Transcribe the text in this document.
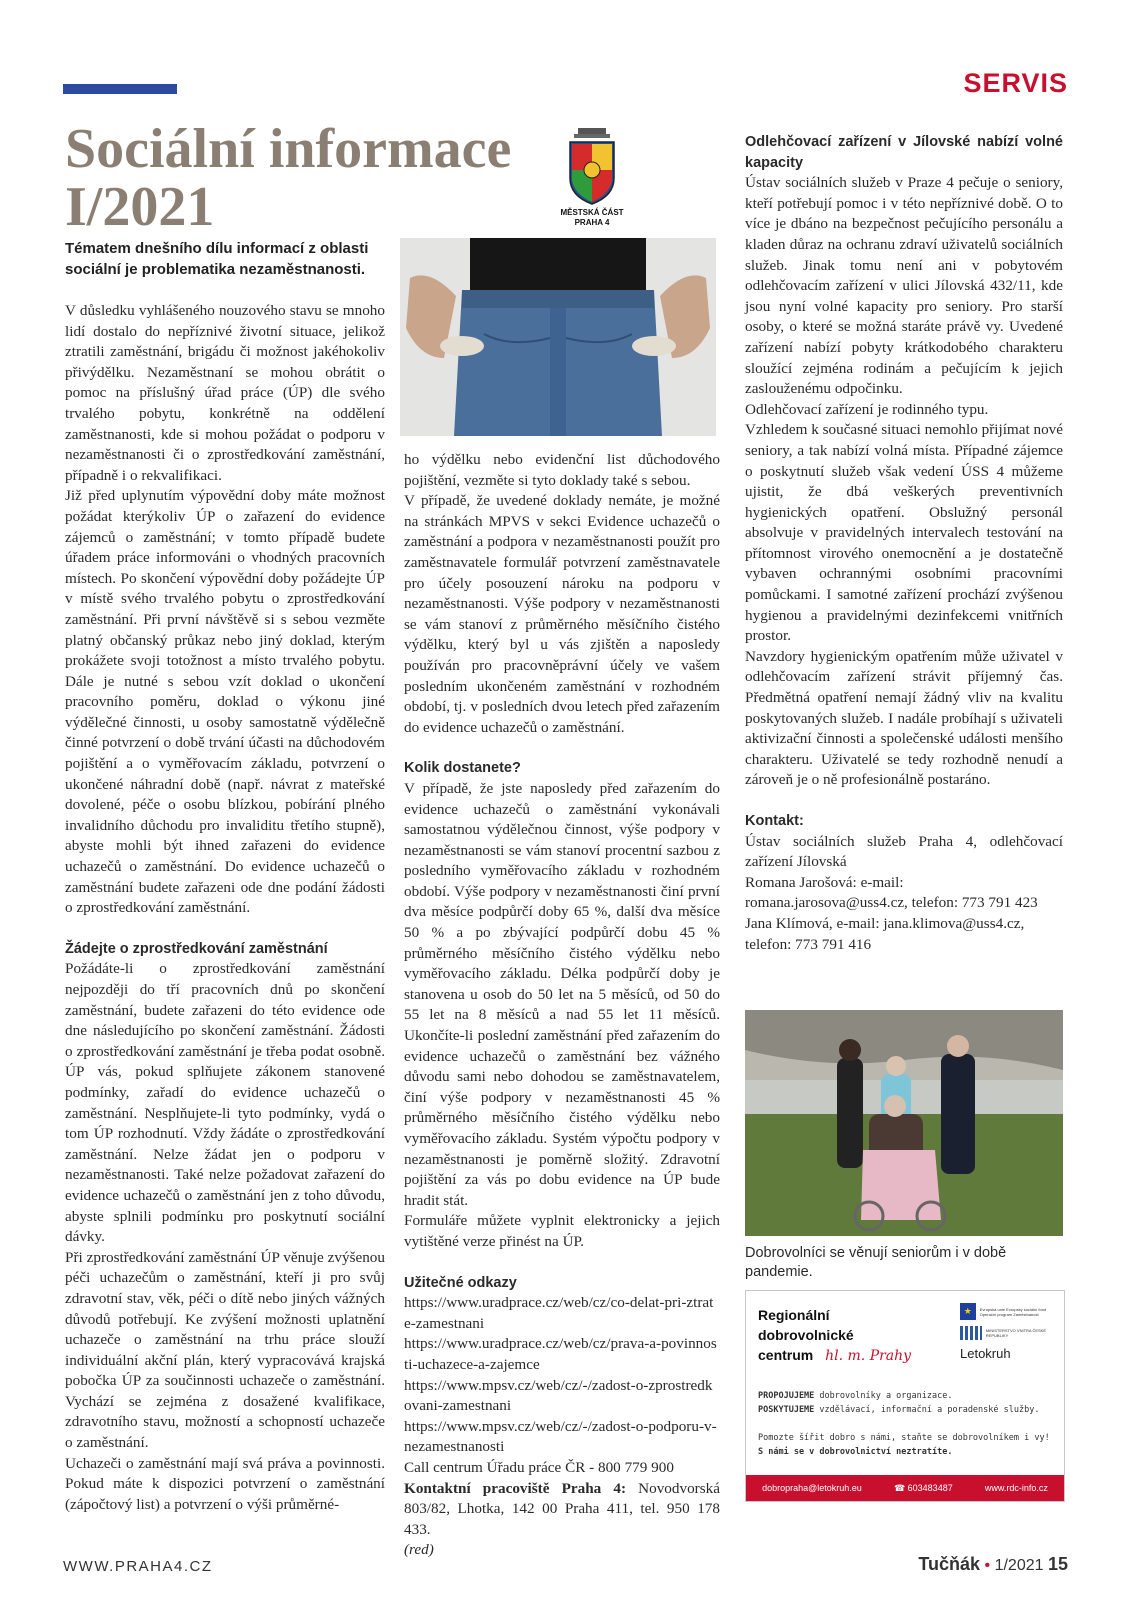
SERVIS
Sociální informace I/2021

Tématem dnešního dílu informací z oblasti sociální je problematika nezaměstnanosti.

MĚSTSKÁ ČÁST
PRAHA 4

V důsledku vyhlášeného nouzového stavu se mnoho lidí dostalo do nepříznivé životní situace, jelikož ztratili zaměstnání, brigádu či možnost jakéhokoliv přivýdělku. Nezaměstnaní se mohou obrátit o pomoc na příslušný úřad práce (ÚP) dle svého trvalého pobytu, konkrétně na oddělení zaměstnanosti, kde si mohou požádat o podporu v nezaměstnanosti či o zprostředkování zaměstnání, případně i o rekvalifikaci.

Již před uplynutím výpovědní doby máte možnost požádat kterýkoliv ÚP o zařazení do evidence zájemců o zaměstnání; v tomto případě budete úřadem práce informováni o vhodných pracovních místech. Po skončení výpovědní doby požádejte ÚP v místě svého trvalého pobytu o zprostředkování zaměstnání. Při první návštěvě si s sebou vezměte platný občanský průkaz nebo jiný doklad, kterým prokážete svoji totožnost a místo trvalého pobytu. Dále je nutné s sebou vzít doklad o ukončení pracovního poměru, doklad o výkonu jiné výdělečné činnosti, u osoby samostatně výdělečně činné potvrzení o době trvání účasti na důchodovém pojištění a o vyměřovacím základu, potvrzení o ukončené náhradní době (např. návrat z mateřské dovolené, péče o osobu blízkou, pobírání plného invalidního důchodu pro invaliditu třetího stupně), abyste mohli být ihned zařazeni do evidence uchazečů o zaměstnání. Do evidence uchazečů o zaměstnání budete zařazeni ode dne podání žádosti o zprostředkování zaměstnání.

Žádejte o zprostředkování zaměstnání

Požádáte-li o zprostředkování zaměstnání nejpozději do tří pracovních dnů po skončení zaměstnání, budete zařazeni do této evidence ode dne následujícího po skončení zaměstnání. Žádosti o zprostředkování zaměstnání je třeba podat osobně. ÚP vás, pokud splňujete zákonem stanovené podmínky, zařadí do evidence uchazečů o zaměstnání. Nesplňujete-li tyto podmínky, vydá o tom ÚP rozhodnutí. Vždy žádáte o zprostředkování zaměstnání. Nelze žádat jen o podporu v nezaměstnanosti. Také nelze požadovat zařazení do evidence uchazečů o zaměstnání jen z toho důvodu, abyste splnili podmínku pro poskytnutí sociální dávky.

Při zprostředkování zaměstnání ÚP věnuje zvýšenou péči uchazečům o zaměstnání, kteří ji pro svůj zdravotní stav, věk, péči o dítě nebo jiných vážných důvodů potřebují. Ke zvýšení možnosti uplatnění uchazeče o zaměstnání na trhu práce slouží individuální akční plán, který vypracovává krajská pobočka ÚP za součinnosti uchazeče o zaměstnání. Vychází se zejména z dosažené kvalifikace, zdravotního stavu, možností a schopností uchazeče o zaměstnání.

Uchazeči o zaměstnání mají svá práva a povinnosti. Pokud máte k dispozici potvrzení o zaměstnání (zápočtový list) a potvrzení o výši průměrné-

ho výdělku nebo evidenční list důchodového pojištění, vezměte si tyto doklady také s sebou.

V případě, že uvedené doklady nemáte, je možné na stránkách MPVS v sekci Evidence uchazečů o zaměstnání a podpora v nezaměstnanosti použít pro zaměstnavatele formulář potvrzení zaměstnavatele pro účely posouzení nároku na podporu v nezaměstnanosti. Výše podpory v nezaměstnanosti se vám stanoví z průměrného měsíčního čistého výdělku, který byl u vás zjištěn a naposledy používán pro pracovněprávní účely ve vašem posledním ukončeném zaměstnání v rozhodném období, tj. v posledních dvou letech před zařazením do evidence uchazečů o zaměstnání.

Kolik dostanete?

V případě, že jste naposledy před zařazením do evidence uchazečů o zaměstnání vykonávali samostatnou výdělečnou činnost, výše podpory v nezaměstnanosti se vám stanoví procentní sazbou z posledního vyměřovacího základu v rozhodném období. Výše podpory v nezaměstnanosti činí první dva měsíce podpůrčí doby 65 %, další dva měsíce 50 % a po zbývající podpůrčí dobu 45 % průměrného měsíčního čistého výdělku nebo vyměřovacího základu. Délka podpůrčí doby je stanovena u osob do 50 let na 5 měsíců, od 50 do 55 let na 8 měsíců a nad 55 let 11 měsíců. Ukončíte-li poslední zaměstnání před zařazením do evidence uchazečů o zaměstnání bez vážného důvodu sami nebo dohodou se zaměstnavatelem, činí výše podpory v nezaměstnanosti 45 % průměrného měsíčního čistého výdělku nebo vyměřovacího základu. Systém výpočtu podpory v nezaměstnanosti je poměrně složitý. Zdravotní pojištění za vás po dobu evidence na ÚP bude hradit stát.

Formuláře můžete vyplnit elektronicky a jejich vytištěné verze přinést na ÚP.

Užitečné odkazy

https://www.uradprace.cz/web/cz/co-delat-pri-ztrate-zamestnani

https://www.uradprace.cz/web/cz/prava-a-povinnosti-uchazece-a-zajemce

https://www.mpsv.cz/web/cz/-/zadost-o-zprostredkovani-zamestnani

https://www.mpsv.cz/web/cz/-/zadost-o-podporu-v-nezamestnanosti

Call centrum Úřadu práce ČR - 800 779 900

Kontaktní pracoviště Praha 4: Novodvorská 803/82, Lhotka, 142 00 Praha 411, tel. 950 178 433.

(red)

Odlehčovací zařízení v Jílovské nabízí volné kapacity

Ústav sociálních služeb v Praze 4 pečuje o seniory, kteří potřebují pomoc i v této nepříznivé době. O to více je dbáno na bezpečnost pečujícího personálu a kladen důraz na ochranu zdraví uživatelů sociálních služeb. Jinak tomu není ani v pobytovém odlehčovacím zařízení v ulici Jílovská 432/11, kde jsou nyní volné kapacity pro seniory. Pro starší osoby, o které se možná staráte právě vy. Uvedené zařízení nabízí pobyty krátkodobého charakteru sloužící zejména rodinám a pečujícím k jejich zaslouženému odpočinku.

Odlehčovací zařízení je rodinného typu.

Vzhledem k současné situaci nemohlo přijímat nové seniory, a tak nabízí volná místa. Případné zájemce o poskytnutí služeb však vedení ÚSS 4 můžeme ujistit, že dbá veškerých preventivních hygienických opatření. Obslužný personál absolvuje v pravidelných intervalech testování na přítomnost virového onemocnění a je dostatečně vybaven ochrannými osobními pracovními pomůckami. I samotné zařízení prochází zvýšenou hygienou a pravidelnými dezinfekcemi vnitřních prostor.

Navzdory hygienickým opatřením může uživatel v odlehčovacím zařízení strávit příjemný čas. Předmětná opatření nemají žádný vliv na kvalitu poskytovaných služeb. I nadále probíhají s uživateli aktivizační činnosti a společenské události menšího charakteru. Uživatelé se tedy rozhodně nenudí a zároveň je o ně profesionálně postaráno.

Kontakt:

Ústav sociálních služeb Praha 4, odlehčovací zařízení Jílovská

Romana Jarošová: e-mail: romana.jarosova@uss4.cz, telefon: 773 791 423

Jana Klímová, e-mail: jana.klimova@uss4.cz, telefon: 773 791 416

Dobrovolníci se věnují seniorům i v době pandemie.
Regionální
dobrovolnické
centrum hl. m. Prahy
★	Evropská unie Evropský sociální fond Operační program Zaměstnanost
MINISTERSTVO VNITRA ČESKÉ REPUBLIKY
Letokruh
PROPOJUJEME dobrovolníky a organizace.
POSKYTUJEME vzdělávací, informační a poradenské služby.
Pomozte šířit dobro s námi, staňte se dobrovolníkem i vy!
S námi se v dobrovolnictví neztratíte.
dobropraha@letokruh.eu	☎ 603483487	www.rdc-info.cz
WWW.PRAHA4.CZ	Tučňák • 1/2021 15
